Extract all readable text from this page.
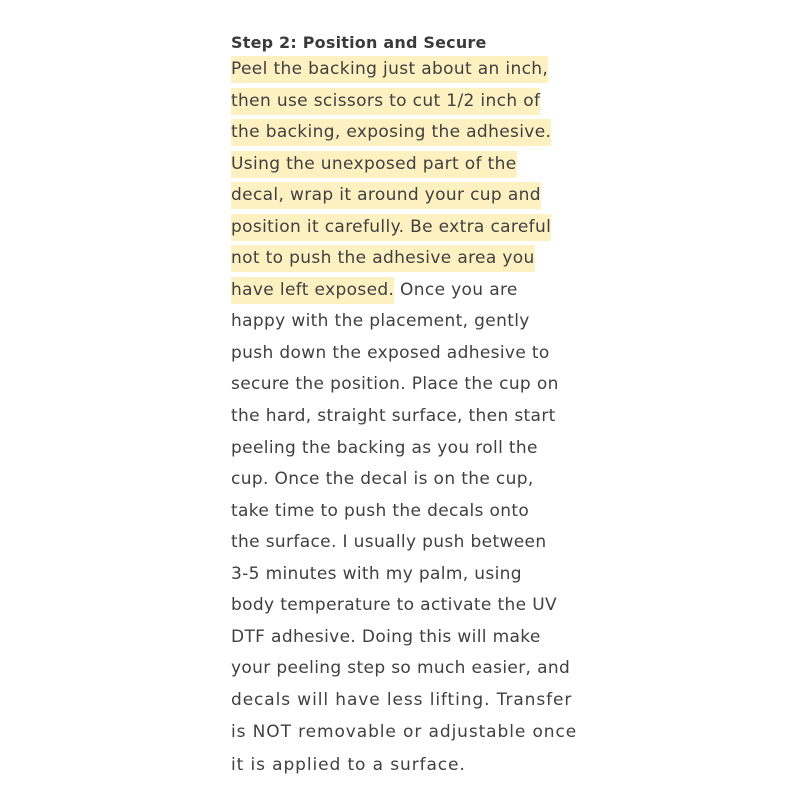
Step 2: Position and Secure
Peel the backing just about an inch,
then use scissors to cut 1/2 inch of
the backing, exposing the adhesive.
Using the unexposed part of the
decal, wrap it around your cup and
position it carefully. Be extra careful
not to push the adhesive area you
have left exposed. Once you are
happy with the placement, gently
push down the exposed adhesive to
secure the position. Place the cup on
the hard, straight surface, then start
peeling the backing as you roll the
cup. Once the decal is on the cup,
take time to push the decals onto
the surface. I usually push between
3-5 minutes with my palm, using
body temperature to activate the UV
DTF adhesive. Doing this will make
your peeling step so much easier, and
decals will have less lifting. Transfer
is NOT removable or adjustable once
it is applied to a surface.
